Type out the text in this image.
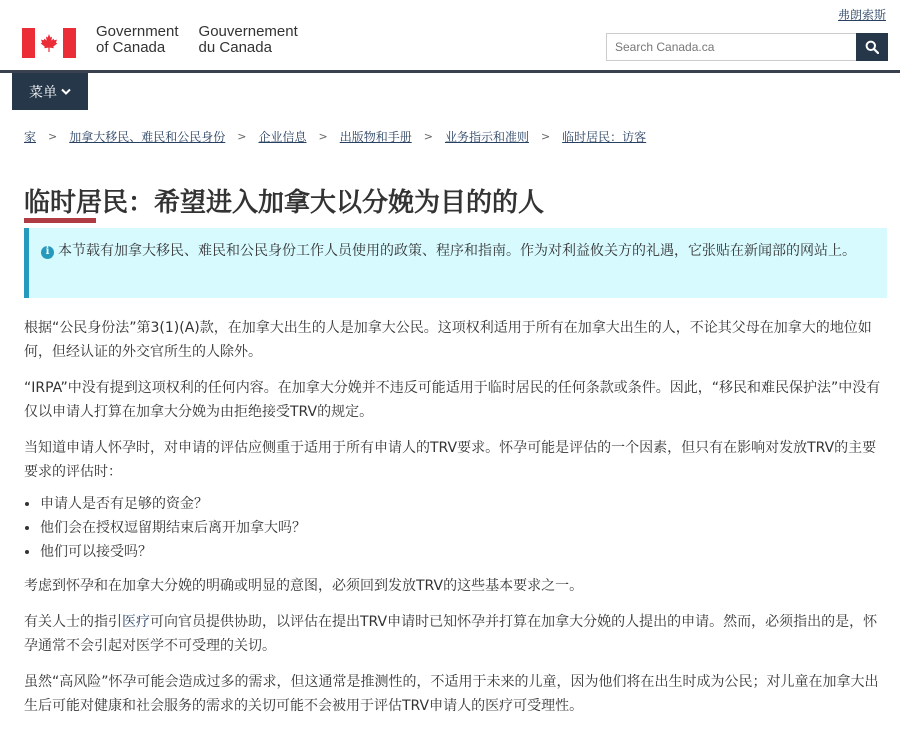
弗朗索斯
Government
of Canada
Gouvernement
du Canada	Search Canada.ca
菜单
家 > 加拿大移民、难民和公民身份 > 企业信息 > 出版物和手册 > 业务指示和准则 > 临时居民：访客
临时居民：希望进入加拿大以分娩为目的的人
i 本节载有加拿大移民、难民和公民身份工作人员使用的政策、程序和指南。作为对利益攸关方的礼遇，它张贴在新闻部的网站上。

根据“公民身份法”第3(1)(A)款，在加拿大出生的人是加拿大公民。这项权利适用于所有在加拿大出生的人，不论其父母在加拿大的地位如何，但经认证的外交官所生的人除外。

“IRPA”中没有提到这项权利的任何内容。在加拿大分娩并不违反可能适用于临时居民的任何条款或条件。因此，“移民和难民保护法”中没有仅以申请人打算在加拿大分娩为由拒绝接受TRV的规定。

当知道申请人怀孕时，对申请的评估应侧重于适用于所有申请人的TRV要求。怀孕可能是评估的一个因素，但只有在影响对发放TRV的主要要求的评估时：

• 申请人是否有足够的资金？
• 他们会在授权逗留期结束后离开加拿大吗？
• 他们可以接受吗？

考虑到怀孕和在加拿大分娩的明确或明显的意图，必须回到发放TRV的这些基本要求之一。

有关人士的指引医疗可向官员提供协助，以评估在提出TRV申请时已知怀孕并打算在加拿大分娩的人提出的申请。然而，必须指出的是，怀孕通常不会引起对医学不可受理的关切。

虽然“高风险”怀孕可能会造成过多的需求，但这通常是推测性的，不适用于未来的儿童，因为他们将在出生时成为公民；对儿童在加拿大出生后可能对健康和社会服务的需求的关切可能不会被用于评估TRV申请人的医疗可受理性。
